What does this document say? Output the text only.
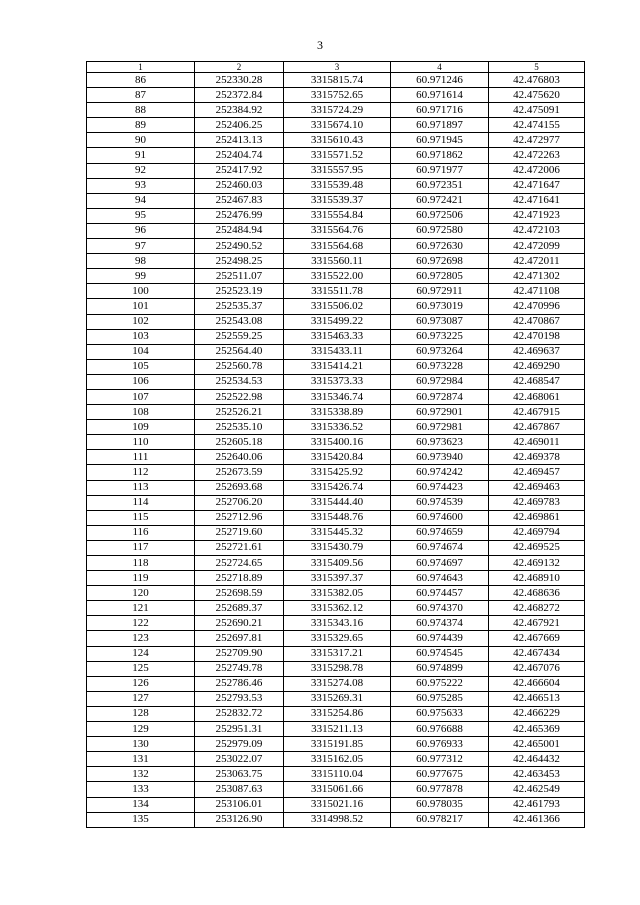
3
1	2	3	4	5
86	252330.28	3315815.74	60.971246	42.476803
87	252372.84	3315752.65	60.971614	42.475620
88	252384.92	3315724.29	60.971716	42.475091
89	252406.25	3315674.10	60.971897	42.474155
90	252413.13	3315610.43	60.971945	42.472977
91	252404.74	3315571.52	60.971862	42.472263
92	252417.92	3315557.95	60.971977	42.472006
93	252460.03	3315539.48	60.972351	42.471647
94	252467.83	3315539.37	60.972421	42.471641
95	252476.99	3315554.84	60.972506	42.471923
96	252484.94	3315564.76	60.972580	42.472103
97	252490.52	3315564.68	60.972630	42.472099
98	252498.25	3315560.11	60.972698	42.472011
99	252511.07	3315522.00	60.972805	42.471302
100	252523.19	3315511.78	60.972911	42.471108
101	252535.37	3315506.02	60.973019	42.470996
102	252543.08	3315499.22	60.973087	42.470867
103	252559.25	3315463.33	60.973225	42.470198
104	252564.40	3315433.11	60.973264	42.469637
105	252560.78	3315414.21	60.973228	42.469290
106	252534.53	3315373.33	60.972984	42.468547
107	252522.98	3315346.74	60.972874	42.468061
108	252526.21	3315338.89	60.972901	42.467915
109	252535.10	3315336.52	60.972981	42.467867
110	252605.18	3315400.16	60.973623	42.469011
111	252640.06	3315420.84	60.973940	42.469378
112	252673.59	3315425.92	60.974242	42.469457
113	252693.68	3315426.74	60.974423	42.469463
114	252706.20	3315444.40	60.974539	42.469783
115	252712.96	3315448.76	60.974600	42.469861
116	252719.60	3315445.32	60.974659	42.469794
117	252721.61	3315430.79	60.974674	42.469525
118	252724.65	3315409.56	60.974697	42.469132
119	252718.89	3315397.37	60.974643	42.468910
120	252698.59	3315382.05	60.974457	42.468636
121	252689.37	3315362.12	60.974370	42.468272
122	252690.21	3315343.16	60.974374	42.467921
123	252697.81	3315329.65	60.974439	42.467669
124	252709.90	3315317.21	60.974545	42.467434
125	252749.78	3315298.78	60.974899	42.467076
126	252786.46	3315274.08	60.975222	42.466604
127	252793.53	3315269.31	60.975285	42.466513
128	252832.72	3315254.86	60.975633	42.466229
129	252951.31	3315211.13	60.976688	42.465369
130	252979.09	3315191.85	60.976933	42.465001
131	253022.07	3315162.05	60.977312	42.464432
132	253063.75	3315110.04	60.977675	42.463453
133	253087.63	3315061.66	60.977878	42.462549
134	253106.01	3315021.16	60.978035	42.461793
135	253126.90	3314998.52	60.978217	42.461366
